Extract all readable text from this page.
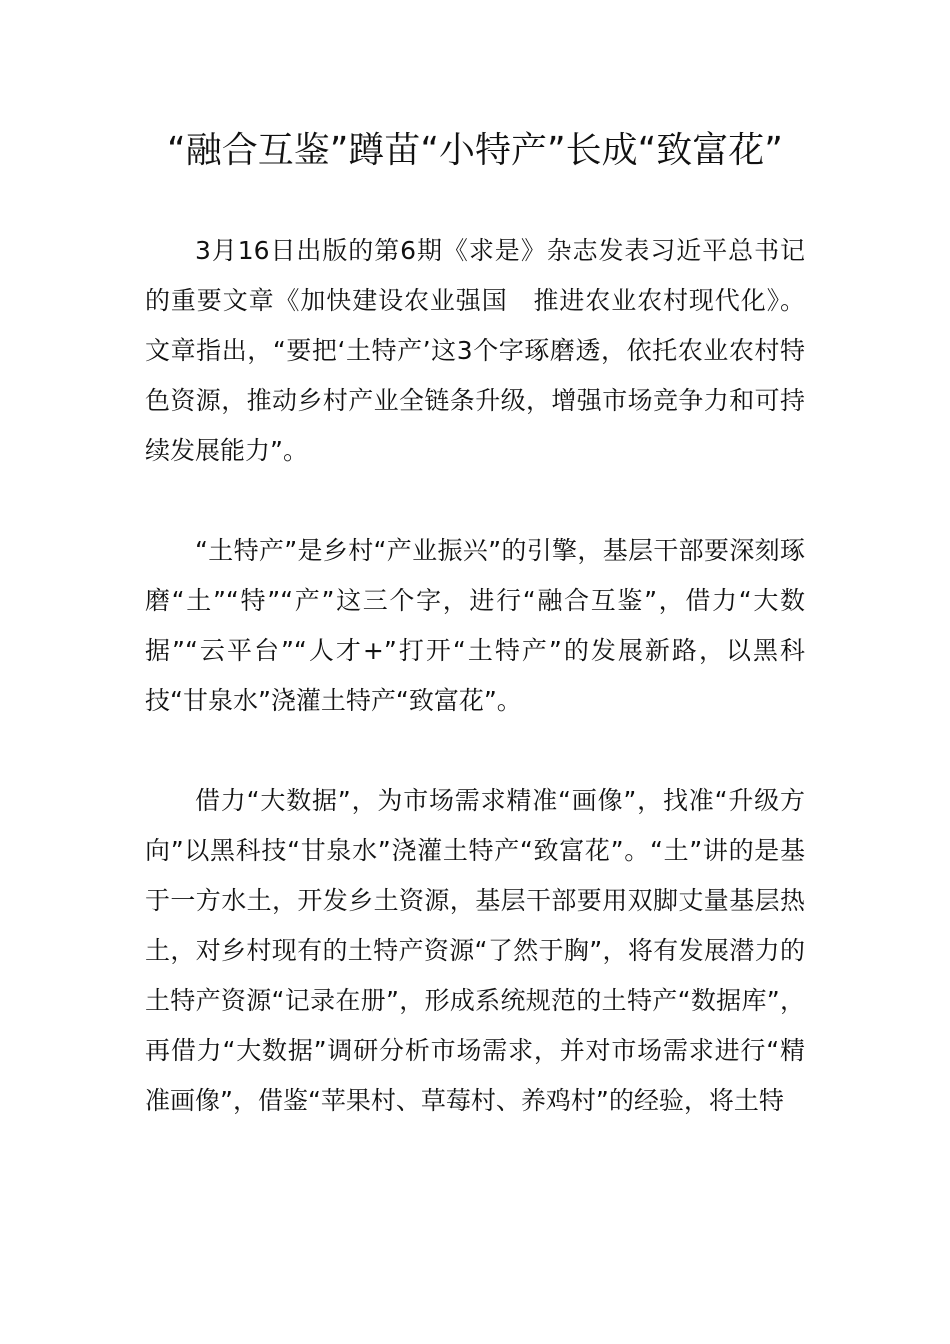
“融合互鉴”蹲苗“小特产”长成“致富花”

3月16日出版的第6期《求是》杂志发表习近平总书记的重要文章《加快建设农业强国　推进农业农村现代化》。文章指出，“要把‘土特产’这3个字琢磨透，依托农业农村特色资源，推动乡村产业全链条升级，增强市场竞争力和可持续发展能力”。

“土特产”是乡村“产业振兴”的引擎，基层干部要深刻琢磨“土”“特”“产”这三个字，进行“融合互鉴”，借力“大数据”“云平台”“人才+”打开“土特产”的发展新路，以黑科技“甘泉水”浇灌土特产“致富花”。

借力“大数据”，为市场需求精准“画像”，找准“升级方向”以黑科技“甘泉水”浇灌土特产“致富花”。“土”讲的是基于一方水土，开发乡土资源，基层干部要用双脚丈量基层热土，对乡村现有的土特产资源“了然于胸”，将有发展潜力的土特产资源“记录在册”，形成系统规范的土特产“数据库”，再借力“大数据”调研分析市场需求，并对市场需求进行“精准画像”，借鉴“苹果村、草莓村、养鸡村”的经验，将土特
